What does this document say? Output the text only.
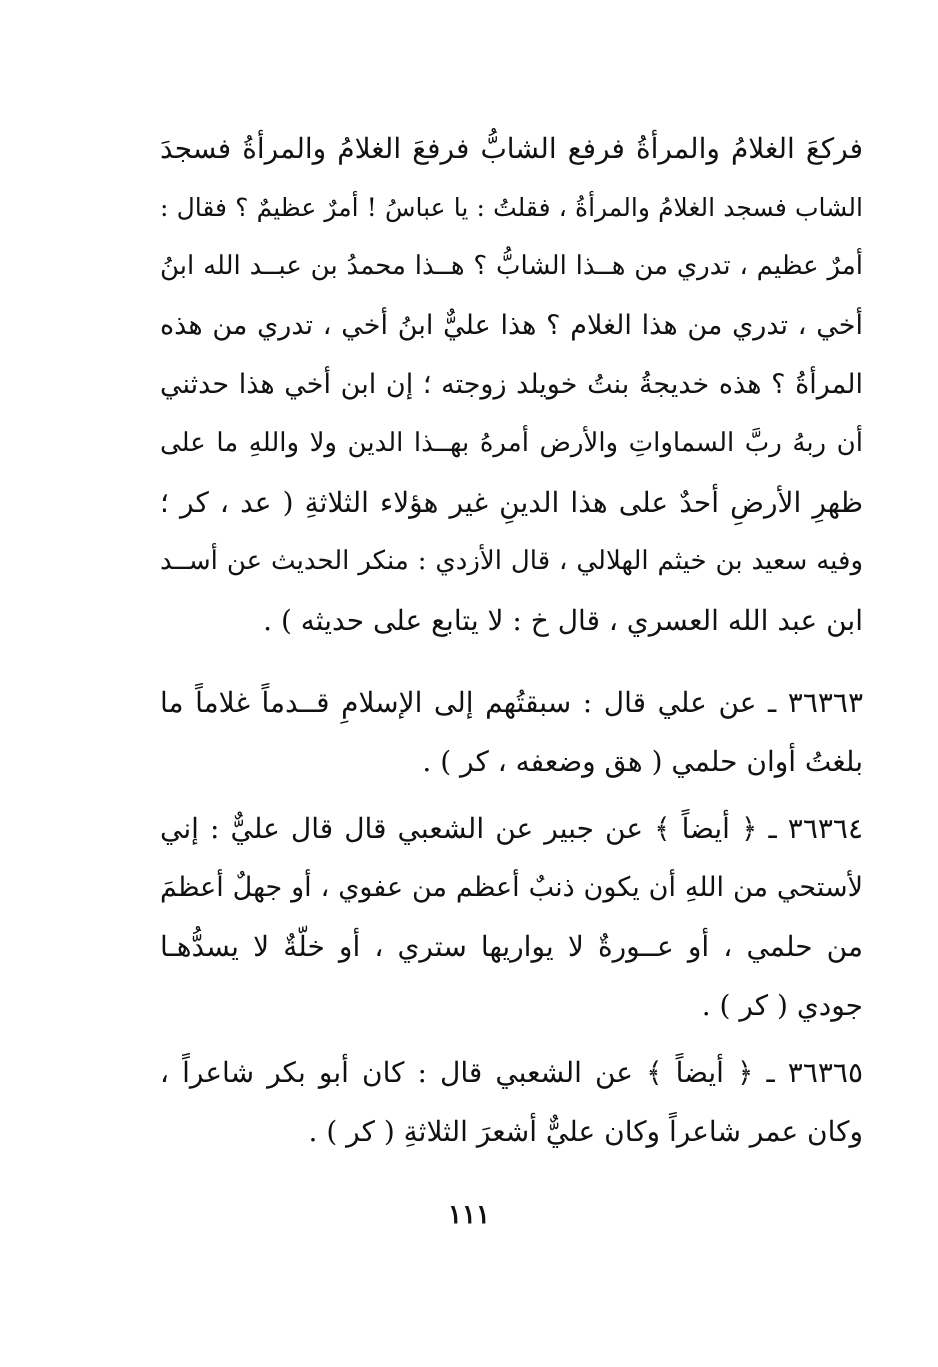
فركعَ الغلامُ والمرأةُ فرفع الشابُّ فرفعَ الغلامُ والمرأةُ فسجدَ
الشاب فسجد الغلامُ والمرأةُ ، فقلتُ : يا عباسُ ! أمرٌ عظيمٌ ؟ فقال :
أمرٌ عظيم ، تدري من هــذا الشابُّ ؟ هــذا محمدُ بن عبــد الله ابنُ
أخي ، تدري من هذا الغلام ؟ هذا عليٌّ ابنُ أخي ، تدري من هذه
المرأةُ ؟ هذه خديجةُ بنتُ خويلد زوجته ؛ إن ابن أخي هذا حدثني
أن ربهُ ربَّ السماواتِ والأرض أمرهُ بهــذا الدين ولا واللهِ ما على
ظهرِ الأرضِ أحدٌ على هذا الدينِ غير هؤلاء الثلاثةِ ( عد ، كر ؛
وفيه سعيد بن خيثم الهلالي ، قال الأزدي : منكر الحديث عن أســد
ابن عبد الله العسري ، قال خ : لا يتابع على حديثه ) .
٣٦٣٦٣ ـ عن علي قال : سبقتُهم إلى الإسلامِ قــدماً غلاماً ما
بلغتُ أوان حلمي ( هق وضعفه ، كر ) .
٣٦٣٦٤ ـ ﴿ أيضاً ﴾ عن جبير عن الشعبي قال قال عليٌّ : إني
لأستحي من اللهِ أن يكون ذنبٌ أعظم من عفوي ، أو جهلٌ أعظمَ
من حلمي ، أو عــورةٌ لا يواريها ستري ، أو خلّةٌ لا يسدُّهـا
جودي ( كر ) .
٣٦٣٦٥ ـ ﴿ أيضاً ﴾ عن الشعبي قال : كان أبو بكر شاعراً ،
وكان عمر شاعراً وكان عليٌّ أشعرَ الثلاثةِ ( كر ) .
١١١
